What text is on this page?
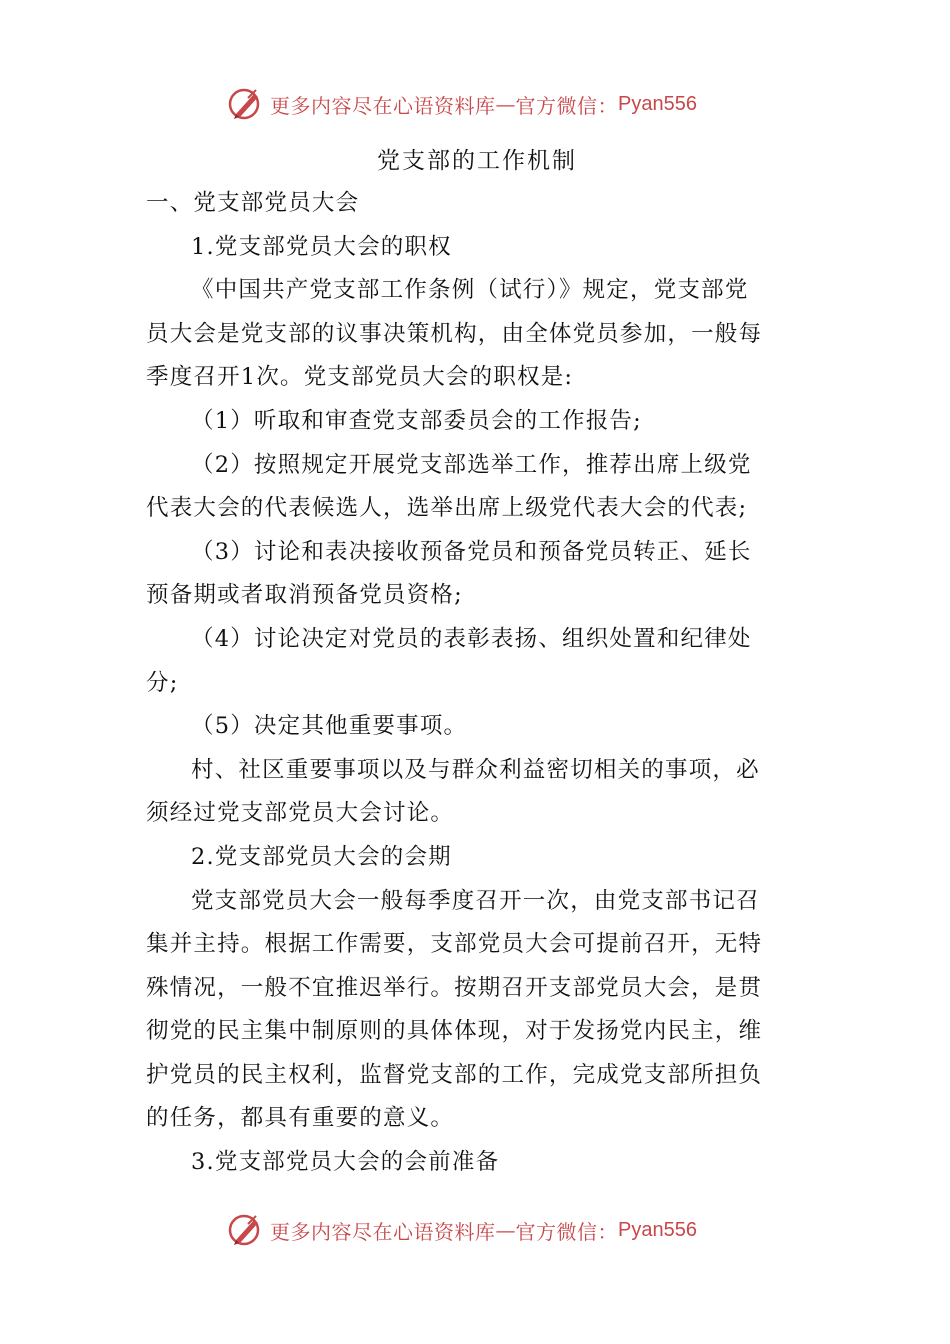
更多内容尽在心语资料库 — 官方微信： Pyan556
党支部的工作机制

一、党支部党员大会

1.党支部党员大会的职权

《中国共产党支部工作条例（试行）》规定，党支部党

员大会是党支部的议事决策机构，由全体党员参加，一般每

季度召开1次。党支部党员大会的职权是:

（1）听取和审查党支部委员会的工作报告;

（2）按照规定开展党支部选举工作，推荐出席上级党

代表大会的代表候选人，选举出席上级党代表大会的代表;

（3）讨论和表决接收预备党员和预备党员转正、延长

预备期或者取消预备党员资格;

（4）讨论决定对党员的表彰表扬、组织处置和纪律处

分;

（5）决定其他重要事项。

村、社区重要事项以及与群众利益密切相关的事项，必

须经过党支部党员大会讨论。

2.党支部党员大会的会期

党支部党员大会一般每季度召开一次，由党支部书记召

集并主持。根据工作需要，支部党员大会可提前召开，无特

殊情况，一般不宜推迟举行。按期召开支部党员大会，是贯

彻党的民主集中制原则的具体体现，对于发扬党内民主，维

护党员的民主权利，监督党支部的工作，完成党支部所担负

的任务，都具有重要的意义。

3.党支部党员大会的会前准备

更多内容尽在心语资料库 — 官方微信： Pyan556
